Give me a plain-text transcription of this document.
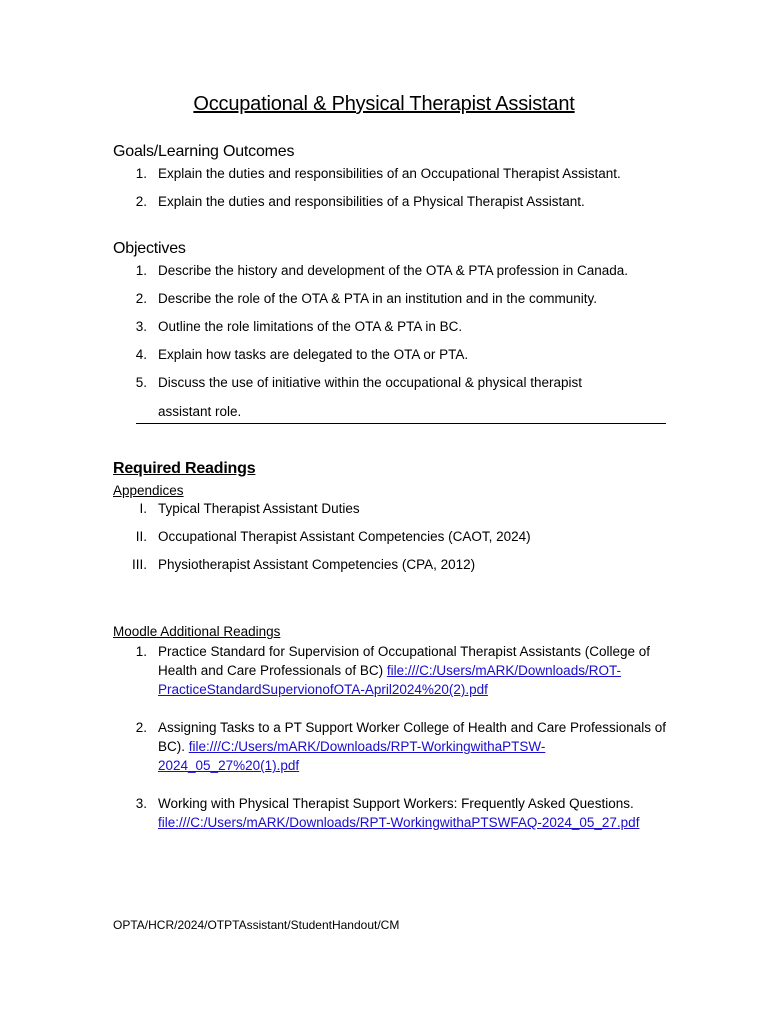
Occupational & Physical Therapist Assistant
Goals/Learning Outcomes
1. Explain the duties and responsibilities of an Occupational Therapist Assistant.
2. Explain the duties and responsibilities of a Physical Therapist Assistant.
Objectives
1. Describe the history and development of the OTA & PTA profession in Canada.
2. Describe the role of the OTA & PTA in an institution and in the community.
3. Outline the role limitations of the OTA & PTA in BC.
4. Explain how tasks are delegated to the OTA or PTA.
5. Discuss the use of initiative within the occupational & physical therapist assistant role.
Required Readings
Appendices
I. Typical Therapist Assistant Duties
II. Occupational Therapist Assistant Competencies (CAOT, 2024)
III. Physiotherapist Assistant Competencies (CPA, 2012)
Moodle Additional Readings
1. Practice Standard for Supervision of Occupational Therapist Assistants (College of Health and Care Professionals of BC) file:///C:/Users/mARK/Downloads/ROT-PracticeStandardSupervionofOTA-April2024%20(2).pdf
2. Assigning Tasks to a PT Support Worker College of Health and Care Professionals of BC). file:///C:/Users/mARK/Downloads/RPT-WorkingwithaPTSW-2024_05_27%20(1).pdf
3. Working with Physical Therapist Support Workers: Frequently Asked Questions. file:///C:/Users/mARK/Downloads/RPT-WorkingwithaPTSWFAQ-2024_05_27.pdf
OPTA/HCR/2024/OTPTAssistant/StudentHandout/CM
